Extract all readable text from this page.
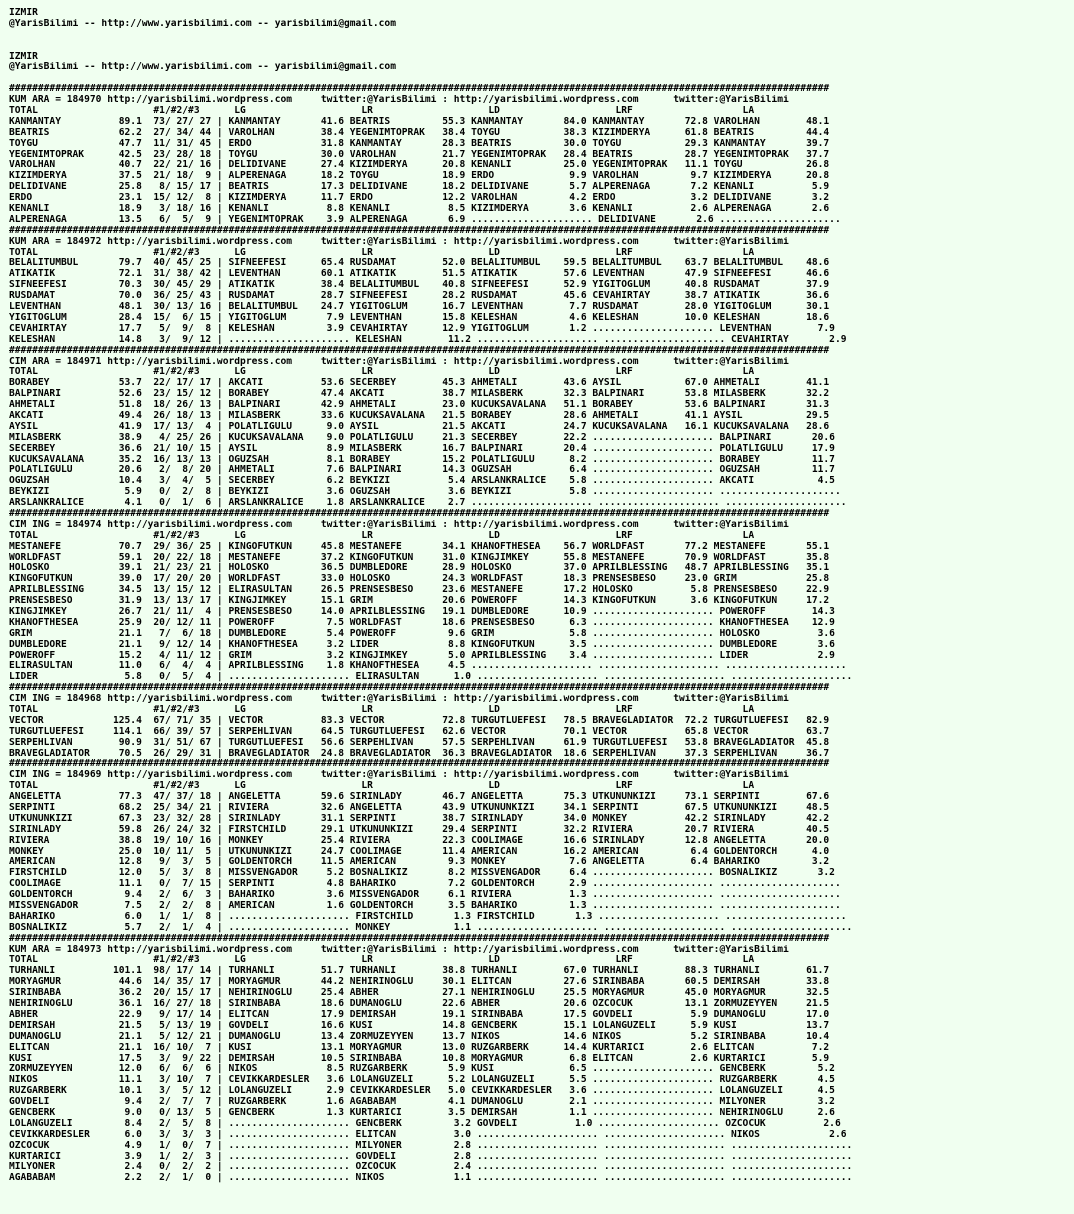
IZMIR
@YarisBilimi -- http://www.yarisbilimi.com -- yarisbilimi@gmail.com
IZMIR
@YarisBilimi -- http://www.yarisbilimi.com -- yarisbilimi@gmail.com
##############################################################################################################################################
KUM ARA = 184970 http://yarisbilimi.wordpress.com     twitter:@YarisBilimi : http://yarisbilimi.wordpress.com      twitter:@YarisBilimi
TOTAL                    #1/#2/#3      LG                    LR                    LD                    LRF                   LA
KANMANTAY          89.1  73/ 27/ 27 | KANMANTAY       41.6 BEATRIS         55.3 KANMANTAY       84.0 KANMANTAY       72.8 VAROLHAN        48.1
BEATRIS            62.2  27/ 34/ 44 | VAROLHAN        38.4 YEGENIMTOPRAK   38.4 TOYGU           38.3 KIZIMDERYA      61.8 BEATRIS         44.4
TOYGU              47.7  11/ 31/ 45 | ERDO            31.8 KANMANTAY       28.3 BEATRIS         30.0 TOYGU           29.3 KANMANTAY       39.7
YEGENIMTOPRAK      42.5  23/ 28/ 18 | TOYGU           30.0 VAROLHAN        21.7 YEGENIMTOPRAK   28.4 BEATRIS         28.7 YEGENIMTOPRAK   37.7
VAROLHAN           40.7  22/ 21/ 16 | DELIDIVANE      27.4 KIZIMDERYA      20.8 KENANLI         25.0 YEGENIMTOPRAK   11.1 TOYGU           26.8
KIZIMDERYA         37.5  21/ 18/  9 | ALPERENAGA      18.2 TOYGU           18.9 ERDO             9.9 VAROLHAN         9.7 KIZIMDERYA      20.8
DELIDIVANE         25.8   8/ 15/ 17 | BEATRIS         17.3 DELIDIVANE      18.2 DELIDIVANE       5.7 ALPERENAGA       7.2 KENANLI          5.9
ERDO               23.1  15/ 12/  8 | KIZIMDERYA      11.7 ERDO            12.2 VAROLHAN         4.2 ERDO             3.2 DELIDIVANE       3.2
KENANLI            18.9   3/ 18/ 16 | KENANLI          8.8 KENANLI          8.5 KIZIMDERYA       3.6 KENANLI          2.6 ALPERENAGA       2.6
ALPERENAGA         13.5   6/  5/  9 | YEGENIMTOPRAK    3.9 ALPERENAGA       6.9 ..................... DELIDIVANE       2.6 .....................
##############################################################################################################################################
KUM ARA = 184972 http://yarisbilimi.wordpress.com     twitter:@YarisBilimi : http://yarisbilimi.wordpress.com      twitter:@YarisBilimi
TOTAL                    #1/#2/#3      LG                    LR                    LD                    LRF                   LA
BELALITUMBUL       79.7  40/ 45/ 25 | SIFNEEFESI      65.4 RUSDAMAT        52.0 BELALITUMBUL    59.5 BELALITUMBUL    63.7 BELALITUMBUL    48.6
ATIKATIK           72.1  31/ 38/ 42 | LEVENTHAN       60.1 ATIKATIK        51.5 ATIKATIK        57.6 LEVENTHAN       47.9 SIFNEEFESI      46.6
SIFNEEFESI         70.3  30/ 45/ 29 | ATIKATIK        38.4 BELALITUMBUL    40.8 SIFNEEFESI      52.9 YIGITOGLUM      40.8 RUSDAMAT        37.9
RUSDAMAT           70.0  36/ 25/ 43 | RUSDAMAT        28.7 SIFNEEFESI      28.2 RUSDAMAT        45.6 CEVAHIRTAY      38.7 ATIKATIK        36.6
LEVENTHAN          48.1  30/ 13/ 16 | BELALITUMBUL    24.7 YIGITOGLUM      16.7 LEVENTHAN        7.7 RUSDAMAT        28.0 YIGITOGLUM      30.1
YIGITOGLUM         28.4  15/  6/ 15 | YIGITOGLUM       7.9 LEVENTHAN       15.8 KELESHAN         4.6 KELESHAN        10.0 KELESHAN        18.6
CEVAHIRTAY         17.7   5/  9/  8 | KELESHAN         3.9 CEVAHIRTAY      12.9 YIGITOGLUM       1.2 ..................... LEVENTHAN        7.9
KELESHAN           14.8   3/  9/ 12 | ..................... KELESHAN        11.2 ..................... ..................... CEVAHIRTAY       2.9
##############################################################################################################################################
CIM ARA = 184971 http://yarisbilimi.wordpress.com     twitter:@YarisBilimi : http://yarisbilimi.wordpress.com      twitter:@YarisBilimi
TOTAL                    #1/#2/#3      LG                    LR                    LD                    LRF                   LA
BORABEY            53.7  22/ 17/ 17 | AKCATI          53.6 SECERBEY        45.3 AHMETALI        43.6 AYSIL           67.0 AHMETALI        41.1
BALPINARI          52.6  23/ 15/ 12 | BORABEY         47.4 AKCATI          38.7 MILASBERK       32.3 BALPINARI       53.8 MILASBERK       32.2
AHMETALI           51.8  18/ 26/ 13 | BALPINARI       42.9 AHMETALI        23.0 KUCUKSAVALANA   51.1 BORABEY         53.6 BALPINARI       31.3
AKCATI             49.4  26/ 18/ 13 | MILASBERK       33.6 KUCUKSAVALANA   21.5 BORABEY         28.6 AHMETALI        41.1 AYSIL           29.5
AYSIL              41.9  17/ 13/  4 | POLATLIGULU      9.0 AYSIL           21.5 AKCATI          24.7 KUCUKSAVALANA   16.1 KUCUKSAVALANA   28.6
MILASBERK          38.9   4/ 25/ 26 | KUCUKSAVALANA    9.0 POLATLIGULU     21.3 SECERBEY        22.2 ..................... BALPINARI       20.6
SECERBEY           36.6  21/ 10/ 15 | AYSIL            8.9 MILASBERK       16.7 BALPINARI       20.4 ..................... POLATLIGULU     17.9
KUCUKSAVALANA      35.2  16/ 13/ 13 | OGUZSAH          8.1 BORABEY         15.2 POLATLIGULU      8.2 ..................... BORABEY         11.7
POLATLIGULU        20.6   2/  8/ 20 | AHMETALI         7.6 BALPINARI       14.3 OGUZSAH          6.4 ..................... OGUZSAH         11.7
OGUZSAH            10.4   3/  4/  5 | SECERBEY         6.2 BEYKIZI          5.4 ARSLANKRALICE    5.8 ..................... AKCATI           4.5
BEYKIZI             5.9   0/  2/  8 | BEYKIZI          3.6 OGUZSAH          3.6 BEYKIZI          5.8 ..................... .....................
ARSLANKRALICE       4.1   0/  1/  6 | ARSLANKRALICE    1.8 ARSLANKRALICE    2.7 ..................... ..................... .....................
##############################################################################################################################################
CIM ING = 184974 http://yarisbilimi.wordpress.com     twitter:@YarisBilimi : http://yarisbilimi.wordpress.com      twitter:@YarisBilimi
TOTAL                    #1/#2/#3      LG                    LR                    LD                    LRF                   LA
MESTANEFE          70.7  29/ 36/ 25 | KINGOFUTKUN     45.8 MESTANEFE       34.1 KHANOFTHESEA    56.7 WORLDFAST       77.2 MESTANEFE       55.1
WORLDFAST          59.1  20/ 22/ 18 | MESTANEFE       37.2 KINGOFUTKUN     31.0 KINGJIMKEY      55.8 MESTANEFE       70.9 WORLDFAST       35.8
HOLOSKO            39.1  21/ 23/ 21 | HOLOSKO         36.5 DUMBLEDORE      28.9 HOLOSKO         37.0 APRILBLESSING   48.7 APRILBLESSING   35.1
KINGOFUTKUN        39.0  17/ 20/ 20 | WORLDFAST       33.0 HOLOSKO         24.3 WORLDFAST       18.3 PRENSESBESO     23.0 GRIM            25.8
APRILBLESSING      34.5  13/ 15/ 12 | ELIRASULTAN     26.5 PRENSESBESO     23.6 MESTANEFE       17.2 HOLOSKO          5.8 PRENSESBESO     22.9
PRENSESBESO        31.9  13/ 13/ 17 | KINGJIMKEY      15.1 GRIM            20.6 POWEROFF        14.3 KINGOFUTKUN      3.6 KINGOFUTKUN     17.2
KINGJIMKEY         26.7  21/ 11/  4 | PRENSESBESO     14.0 APRILBLESSING   19.1 DUMBLEDORE      10.9 ..................... POWEROFF        14.3
KHANOFTHESEA       25.9  20/ 12/ 11 | POWEROFF         7.5 WORLDFAST       18.6 PRENSESBESO      6.3 ..................... KHANOFTHESEA    12.9
GRIM               21.1   7/  6/ 18 | DUMBLEDORE       5.4 POWEROFF         9.6 GRIM             5.8 ..................... HOLOSKO          3.6
DUMBLEDORE         21.1   9/ 12/ 14 | KHANOFTHESEA     3.2 LIDER            8.8 KINGOFUTKUN      3.5 ..................... DUMBLEDORE       3.6
POWEROFF           15.2   4/ 11/ 12 | GRIM             3.2 KINGJIMKEY       5.0 APRILBLESSING    3.4 ..................... LIDER            2.9
ELIRASULTAN        11.0   6/  4/  4 | APRILBLESSING    1.8 KHANOFTHESEA     4.5 ..................... ..................... .....................
LIDER               5.8   0/  5/  4 | ..................... ELIRASULTAN      1.0 ..................... ..................... .....................
##############################################################################################################################################
CIM ING = 184968 http://yarisbilimi.wordpress.com     twitter:@YarisBilimi : http://yarisbilimi.wordpress.com      twitter:@YarisBilimi
TOTAL                    #1/#2/#3      LG                    LR                    LD                    LRF                   LA
VECTOR            125.4  67/ 71/ 35 | VECTOR          83.3 VECTOR          72.8 TURGUTLUEFESI   78.5 BRAVEGLADIATOR  72.2 TURGUTLUEFESI   82.9
TURGUTLUEFESI     114.1  66/ 39/ 57 | SERPEHLIVAN     64.5 TURGUTLUEFESI   62.6 VECTOR          70.1 VECTOR          65.8 VECTOR          63.7
SERPEHLIVAN        90.9  31/ 51/ 67 | TURGUTLUEFESI   56.6 SERPEHLIVAN     57.5 SERPEHLIVAN     61.9 TURGUTLUEFESI   53.8 BRAVEGLADIATOR  45.8
BRAVEGLADIATOR     70.5  26/ 29/ 31 | BRAVEGLADIATOR  24.8 BRAVEGLADIATOR  36.3 BRAVEGLADIATOR  18.6 SERPEHLIVAN     37.3 SERPEHLIVAN     36.7
##############################################################################################################################################
CIM ING = 184969 http://yarisbilimi.wordpress.com     twitter:@YarisBilimi : http://yarisbilimi.wordpress.com      twitter:@YarisBilimi
TOTAL                    #1/#2/#3      LG                    LR                    LD                    LRF                   LA
ANGELETTA          77.3  47/ 37/ 18 | ANGELETTA       59.6 SIRINLADY       46.7 ANGELETTA       75.3 UTKUNUNKIZI     73.1 SERPINTI        67.6
SERPINTI           68.2  25/ 34/ 21 | RIVIERA         32.6 ANGELETTA       43.9 UTKUNUNKIZI     34.1 SERPINTI        67.5 UTKUNUNKIZI     48.5
UTKUNUNKIZI        67.3  23/ 32/ 28 | SIRINLADY       31.1 SERPINTI        38.7 SIRINLADY       34.0 MONKEY          42.2 SIRINLADY       42.2
SIRINLADY          59.8  26/ 24/ 32 | FIRSTCHILD      29.1 UTKUNUNKIZI     29.4 SERPINTI        32.2 RIVIERA         20.7 RIVIERA         40.5
RIVIERA            38.8  19/ 10/ 16 | MONKEY          25.4 RIVIERA         22.3 COOLIMAGE       16.6 SIRINLADY       12.8 ANGELETTA       20.0
MONKEY             25.0  10/ 11/  5 | UTKUNUNKIZI     24.7 COOLIMAGE       11.4 AMERICAN        16.2 AMERICAN         6.4 GOLDENTORCH      4.0
AMERICAN           12.8   9/  3/  5 | GOLDENTORCH     11.5 AMERICAN         9.3 MONKEY           7.6 ANGELETTA        6.4 BAHARIKO         3.2
FIRSTCHILD         12.0   5/  3/  8 | MISSVENGADOR     5.2 BOSNALIKIZ       8.2 MISSVENGADOR     6.4 ..................... BOSNALIKIZ       3.2
COOLIMAGE          11.1   0/  7/ 15 | SERPINTI         4.8 BAHARIKO         7.2 GOLDENTORCH      2.9 ..................... .....................
GOLDENTORCH         9.4   2/  6/  3 | BAHARIKO         3.6 MISSVENGADOR     6.1 RIVIERA          1.3 ..................... .....................
MISSVENGADOR        7.5   2/  2/  8 | AMERICAN         1.6 GOLDENTORCH      3.5 BAHARIKO         1.3 ..................... .....................
BAHARIKO            6.0   1/  1/  8 | ..................... FIRSTCHILD       1.3 FIRSTCHILD       1.3 ..................... .....................
BOSNALIKIZ          5.7   2/  1/  4 | ..................... MONKEY           1.1 ..................... ..................... .....................
##############################################################################################################################################
KUM ARA = 184973 http://yarisbilimi.wordpress.com     twitter:@YarisBilimi : http://yarisbilimi.wordpress.com      twitter:@YarisBilimi
TOTAL                    #1/#2/#3      LG                    LR                    LD                    LRF                   LA
TURHANLI          101.1  98/ 17/ 14 | TURHANLI        51.7 TURHANLI        38.8 TURHANLI        67.0 TURHANLI        88.3 TURHANLI        61.7
MORYAGMUR          44.6  14/ 35/ 17 | MORYAGMUR       44.2 NEHIRINOGLU     30.1 ELITCAN         27.6 SIRINBABA       60.5 DEMIRSAH        33.8
SIRINBABA          36.2  20/ 15/ 17 | NEHIRINOGLU     25.4 ABHER           27.1 NEHIRINOGLU     25.5 MORYAGMUR       45.0 MORYAGMUR       32.5
NEHIRINOGLU        36.1  16/ 27/ 18 | SIRINBABA       18.6 DUMANOGLU       22.6 ABHER           20.6 OZCOCUK         13.1 ZORMUZEYYEN     21.5
ABHER              22.9   9/ 17/ 14 | ELITCAN         17.9 DEMIRSAH        19.1 SIRINBABA       17.5 GOVDELI          5.9 DUMANOGLU       17.0
DEMIRSAH           21.5   5/ 13/ 19 | GOVDELI         16.6 KUSI            14.8 GENCBERK        15.1 LOLANGUZELI      5.9 KUSI            13.7
DUMANOGLU          21.1   5/ 12/ 21 | DUMANOGLU       13.4 ZORMUZEYYEN     13.7 NIKOS           14.6 NIKOS            5.2 SIRINBABA       10.4
ELITCAN            21.1  16/ 10/  7 | KUSI            13.1 MORYAGMUR       13.0 RUZGARBERK      14.4 KURTARICI        2.6 ELITCAN          7.2
KUSI               17.5   3/  9/ 22 | DEMIRSAH        10.5 SIRINBABA       10.8 MORYAGMUR        6.8 ELITCAN          2.6 KURTARICI        5.9
ZORMUZEYYEN        12.0   6/  6/  6 | NIKOS            8.5 RUZGARBERK       5.9 KUSI             6.5 ..................... GENCBERK         5.2
NIKOS              11.1   3/ 10/  7 | CEVIKKARDESLER   3.6 LOLANGUZELI      5.2 LOLANGUZELI      5.5 ..................... RUZGARBERK       4.5
RUZGARBERK         10.1   3/  5/ 12 | LOLANGUZELI      2.9 CEVIKKARDESLER   5.0 CEVIKKARDESLER   3.6 ..................... LOLANGUZELI      4.5
GOVDELI             9.4   2/  7/  7 | RUZGARBERK       1.6 AGABABAM         4.1 DUMANOGLU        2.1 ..................... MILYONER         3.2
GENCBERK            9.0   0/ 13/  5 | GENCBERK         1.3 KURTARICI        3.5 DEMIRSAH         1.1 ..................... NEHIRINOGLU      2.6
LOLANGUZELI         8.4   2/  5/  8 | ..................... GENCBERK         3.2 GOVDELI          1.0 ..................... OZCOCUK          2.6
CEVIKKARDESLER      6.0   3/  3/  3 | ..................... ELITCAN          3.0 ..................... ..................... NIKOS            2.6
OZCOCUK             4.9   1/  0/  7 | ..................... MILYONER         2.8 ..................... ..................... .....................
KURTARICI           3.9   1/  2/  3 | ..................... GOVDELI          2.8 ..................... ..................... .....................
MILYONER            2.4   0/  2/  2 | ..................... OZCOCUK          2.4 ..................... ..................... .....................
AGABABAM            2.2   2/  1/  0 | ..................... NIKOS            1.1 ..................... ..................... .....................
